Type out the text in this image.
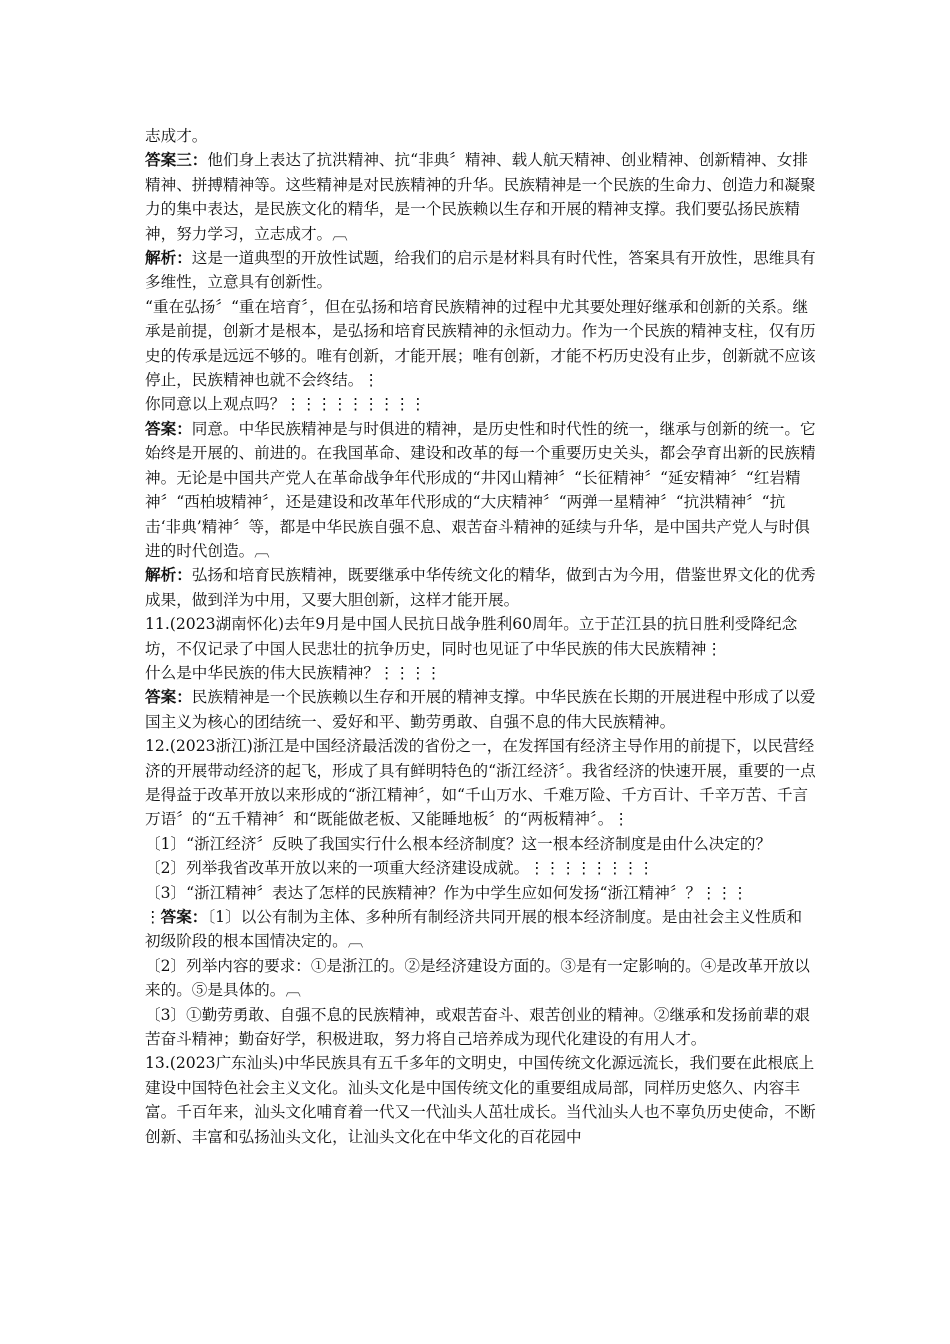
志成才。

答案三：他们身上表达了抗洪精神、抗“非典〞精神、载人航天精神、创业精神、创新精神、女排精神、拼搏精神等。这些精神是对民族精神的升华。民族精神是一个民族的生命力、创造力和凝聚力的集中表达，是民族文化的精华，是一个民族赖以生存和开展的精神支撑。我们要弘扬民族精神，努力学习，立志成才。︹

解析：这是一道典型的开放性试题，给我们的启示是材料具有时代性，答案具有开放性，思维具有多维性，立意具有创新性。

“重在弘扬〞“重在培育〞，但在弘扬和培育民族精神的过程中尤其要处理好继承和创新的关系。继承是前提，创新才是根本，是弘扬和培育民族精神的永恒动力。作为一个民族的精神支柱，仅有历史的传承是远远不够的。唯有创新，才能开展；唯有创新，才能不朽历史没有止步，创新就不应该停止，民族精神也就不会终结。⋮

你同意以上观点吗？⋮⋮⋮⋮⋮⋮⋮⋮⋮

答案：同意。中华民族精神是与时俱进的精神，是历史性和时代性的统一，继承与创新的统一。它始终是开展的、前进的。在我国革命、建设和改革的每一个重要历史关头，都会孕育出新的民族精神。无论是中国共产党人在革命战争年代形成的“井冈山精神〞“长征精神〞“延安精神〞“红岩精神〞“西柏坡精神〞，还是建设和改革年代形成的“大庆精神〞“两弹一星精神〞“抗洪精神〞“抗击‘非典’精神〞等，都是中华民族自强不息、艰苦奋斗精神的延续与升华，是中国共产党人与时俱进的时代创造。︹

解析：弘扬和培育民族精神，既要继承中华传统文化的精华，做到古为今用，借鉴世界文化的优秀成果，做到洋为中用，又要大胆创新，这样才能开展。

11.(2023湖南怀化)去年9月是中国人民抗日战争胜利60周年。立于芷江县的抗日胜利受降纪念坊，不仅记录了中国人民悲壮的抗争历史，同时也见证了中华民族的伟大民族精神⋮

什么是中华民族的伟大民族精神？⋮⋮⋮⋮

答案：民族精神是一个民族赖以生存和开展的精神支撑。中华民族在长期的开展进程中形成了以爱国主义为核心的团结统一、爱好和平、勤劳勇敢、自强不息的伟大民族精神。

12.(2023浙江)浙江是中国经济最活泼的省份之一，在发挥国有经济主导作用的前提下，以民营经济的开展带动经济的起飞，形成了具有鲜明特色的“浙江经济〞。我省经济的快速开展，重要的一点是得益于改革开放以来形成的“浙江精神〞，如“千山万水、千难万险、千方百计、千辛万苦、千言万语〞的“五千精神〞和“既能做老板、又能睡地板〞的“两板精神〞。⋮

〔1〕“浙江经济〞反映了我国实行什么根本经济制度？这一根本经济制度是由什么决定的？

〔2〕列举我省改革开放以来的一项重大经济建设成就。⋮⋮⋮⋮⋮⋮⋮⋮

〔3〕“浙江精神〞表达了怎样的民族精神？作为中学生应如何发扬“浙江精神〞？⋮⋮⋮

⋮答案：〔1〕以公有制为主体、多种所有制经济共同开展的根本经济制度。是由社会主义性质和初级阶段的根本国情决定的。︹

〔2〕列举内容的要求：①是浙江的。②是经济建设方面的。③是有一定影响的。④是改革开放以来的。⑤是具体的。︹

〔3〕①勤劳勇敢、自强不息的民族精神，或艰苦奋斗、艰苦创业的精神。②继承和发扬前辈的艰苦奋斗精神；勤奋好学，积极进取，努力将自己培养成为现代化建设的有用人才。

13.(2023广东汕头)中华民族具有五千多年的文明史，中国传统文化源远流长，我们要在此根底上建设中国特色社会主义文化。汕头文化是中国传统文化的重要组成局部，同样历史悠久、内容丰富。千百年来，汕头文化哺育着一代又一代汕头人茁壮成长。当代汕头人也不辜负历史使命，不断创新、丰富和弘扬汕头文化，让汕头文化在中华文化的百花园中
